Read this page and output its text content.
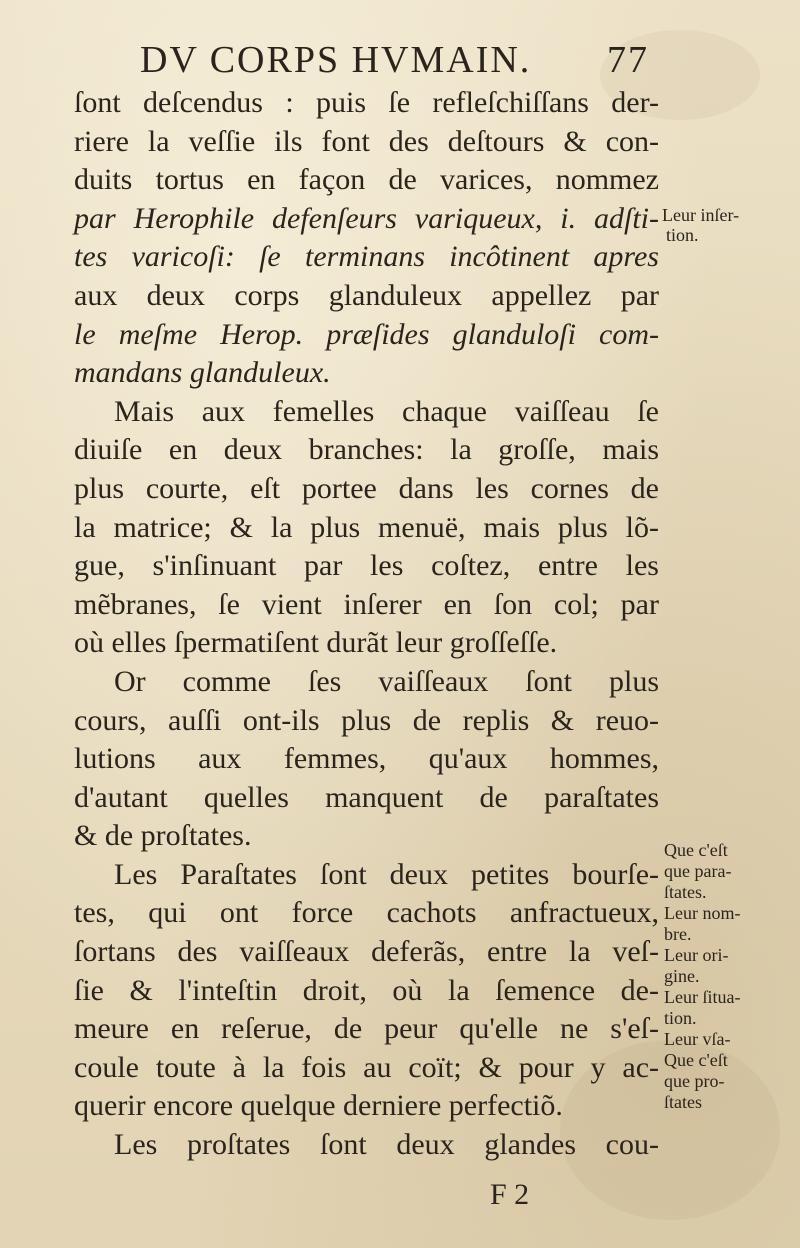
DV CORPS HVMAIN. 77
ſont deſcendus : puis ſe refleſchiſſans der-
riere la veſſie ils font des deſtours & con-
duits tortus en façon de varices, nommez
par Herophile defenſeurs variqueux, i. adſti-
tes varicoſi: ſe terminans incôtinent apres
aux deux corps glanduleux appellez par
le meſme Herop. præſides glanduloſi com-
mandans glanduleux.
Mais aux femelles chaque vaiſſeau ſe
diuiſe en deux branches: la groſſe, mais
plus courte, eſt portee dans les cornes de
la matrice; & la plus menuë, mais plus lõ-
gue, s'inſinuant par les coſtez, entre les
mẽbranes, ſe vient inſerer en ſon col; par
où elles ſpermatiſent durãt leur groſſeſſe.
Or comme ſes vaiſſeaux ſont plus
cours, auſſi ont-ils plus de replis & reuo-
lutions aux femmes, qu'aux hommes,
d'autant quelles manquent de paraſtates
& de proſtates.
Les Paraſtates ſont deux petites bourſe-
tes, qui ont force cachots anfractueux,
ſortans des vaiſſeaux deferãs, entre la veſ-
ſie & l'inteſtin droit, où la ſemence de-
meure en reſerue, de peur qu'elle ne s'eſ-
coule toute à la fois au coït; & pour y ac-
querir encore quelque derniere perfectiõ.
Les proſtates ſont deux glandes cou-
Leur inſer-
tion.
Que c'eſt
que para-
ſtates.
Leur nom-
bre.
Leur ori-
gine.
Leur ſitua-
tion.
Leur vſa-
Que c'eſt
que pro-
ſtates
F 2
